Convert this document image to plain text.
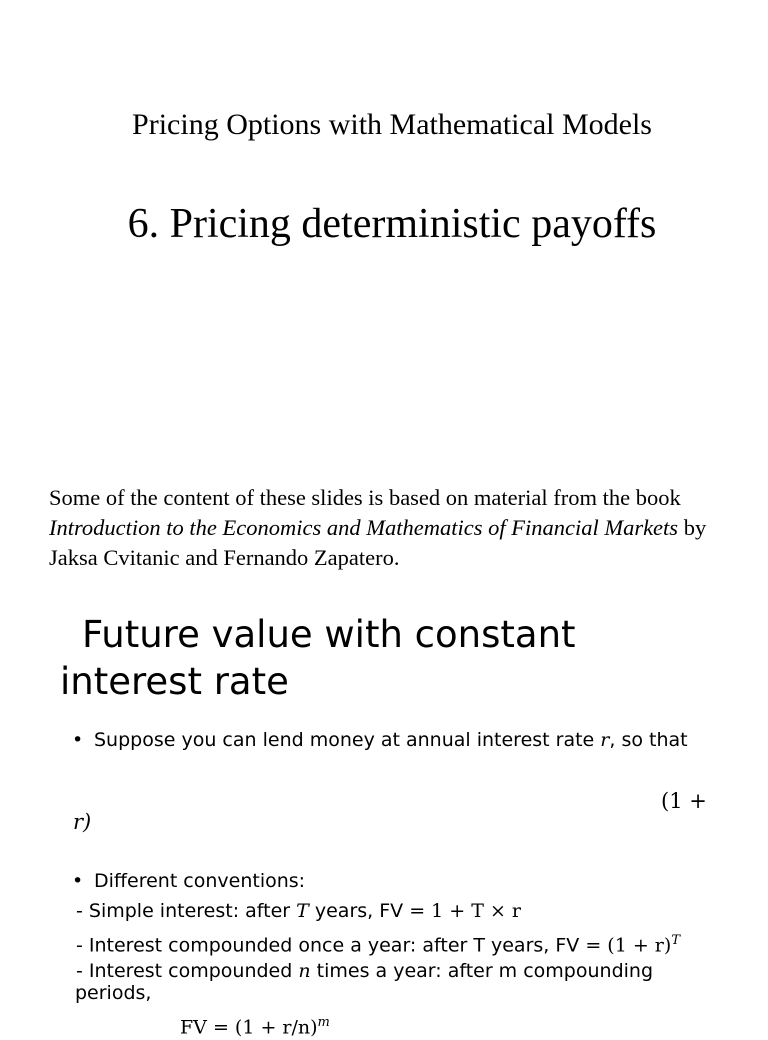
Pricing Options with Mathematical Models
6. Pricing deterministic payoffs
Some of the content of these slides is based on material from the book Introduction to the Economics and Mathematics of Financial Markets by Jaksa Cvitanic and Fernando Zapatero.
Future value with constant
interest rate
• Suppose you can lend money at annual interest rate r, so that
(1 +
r)
• Different conventions:
- Simple interest: after T years, FV = 1 + T × r
- Interest compounded once a year: after T years, FV = $(1 + r)^T$
- Interest compounded n times a year: after m compounding
periods,
FV = $(1 + r/n)^m$
